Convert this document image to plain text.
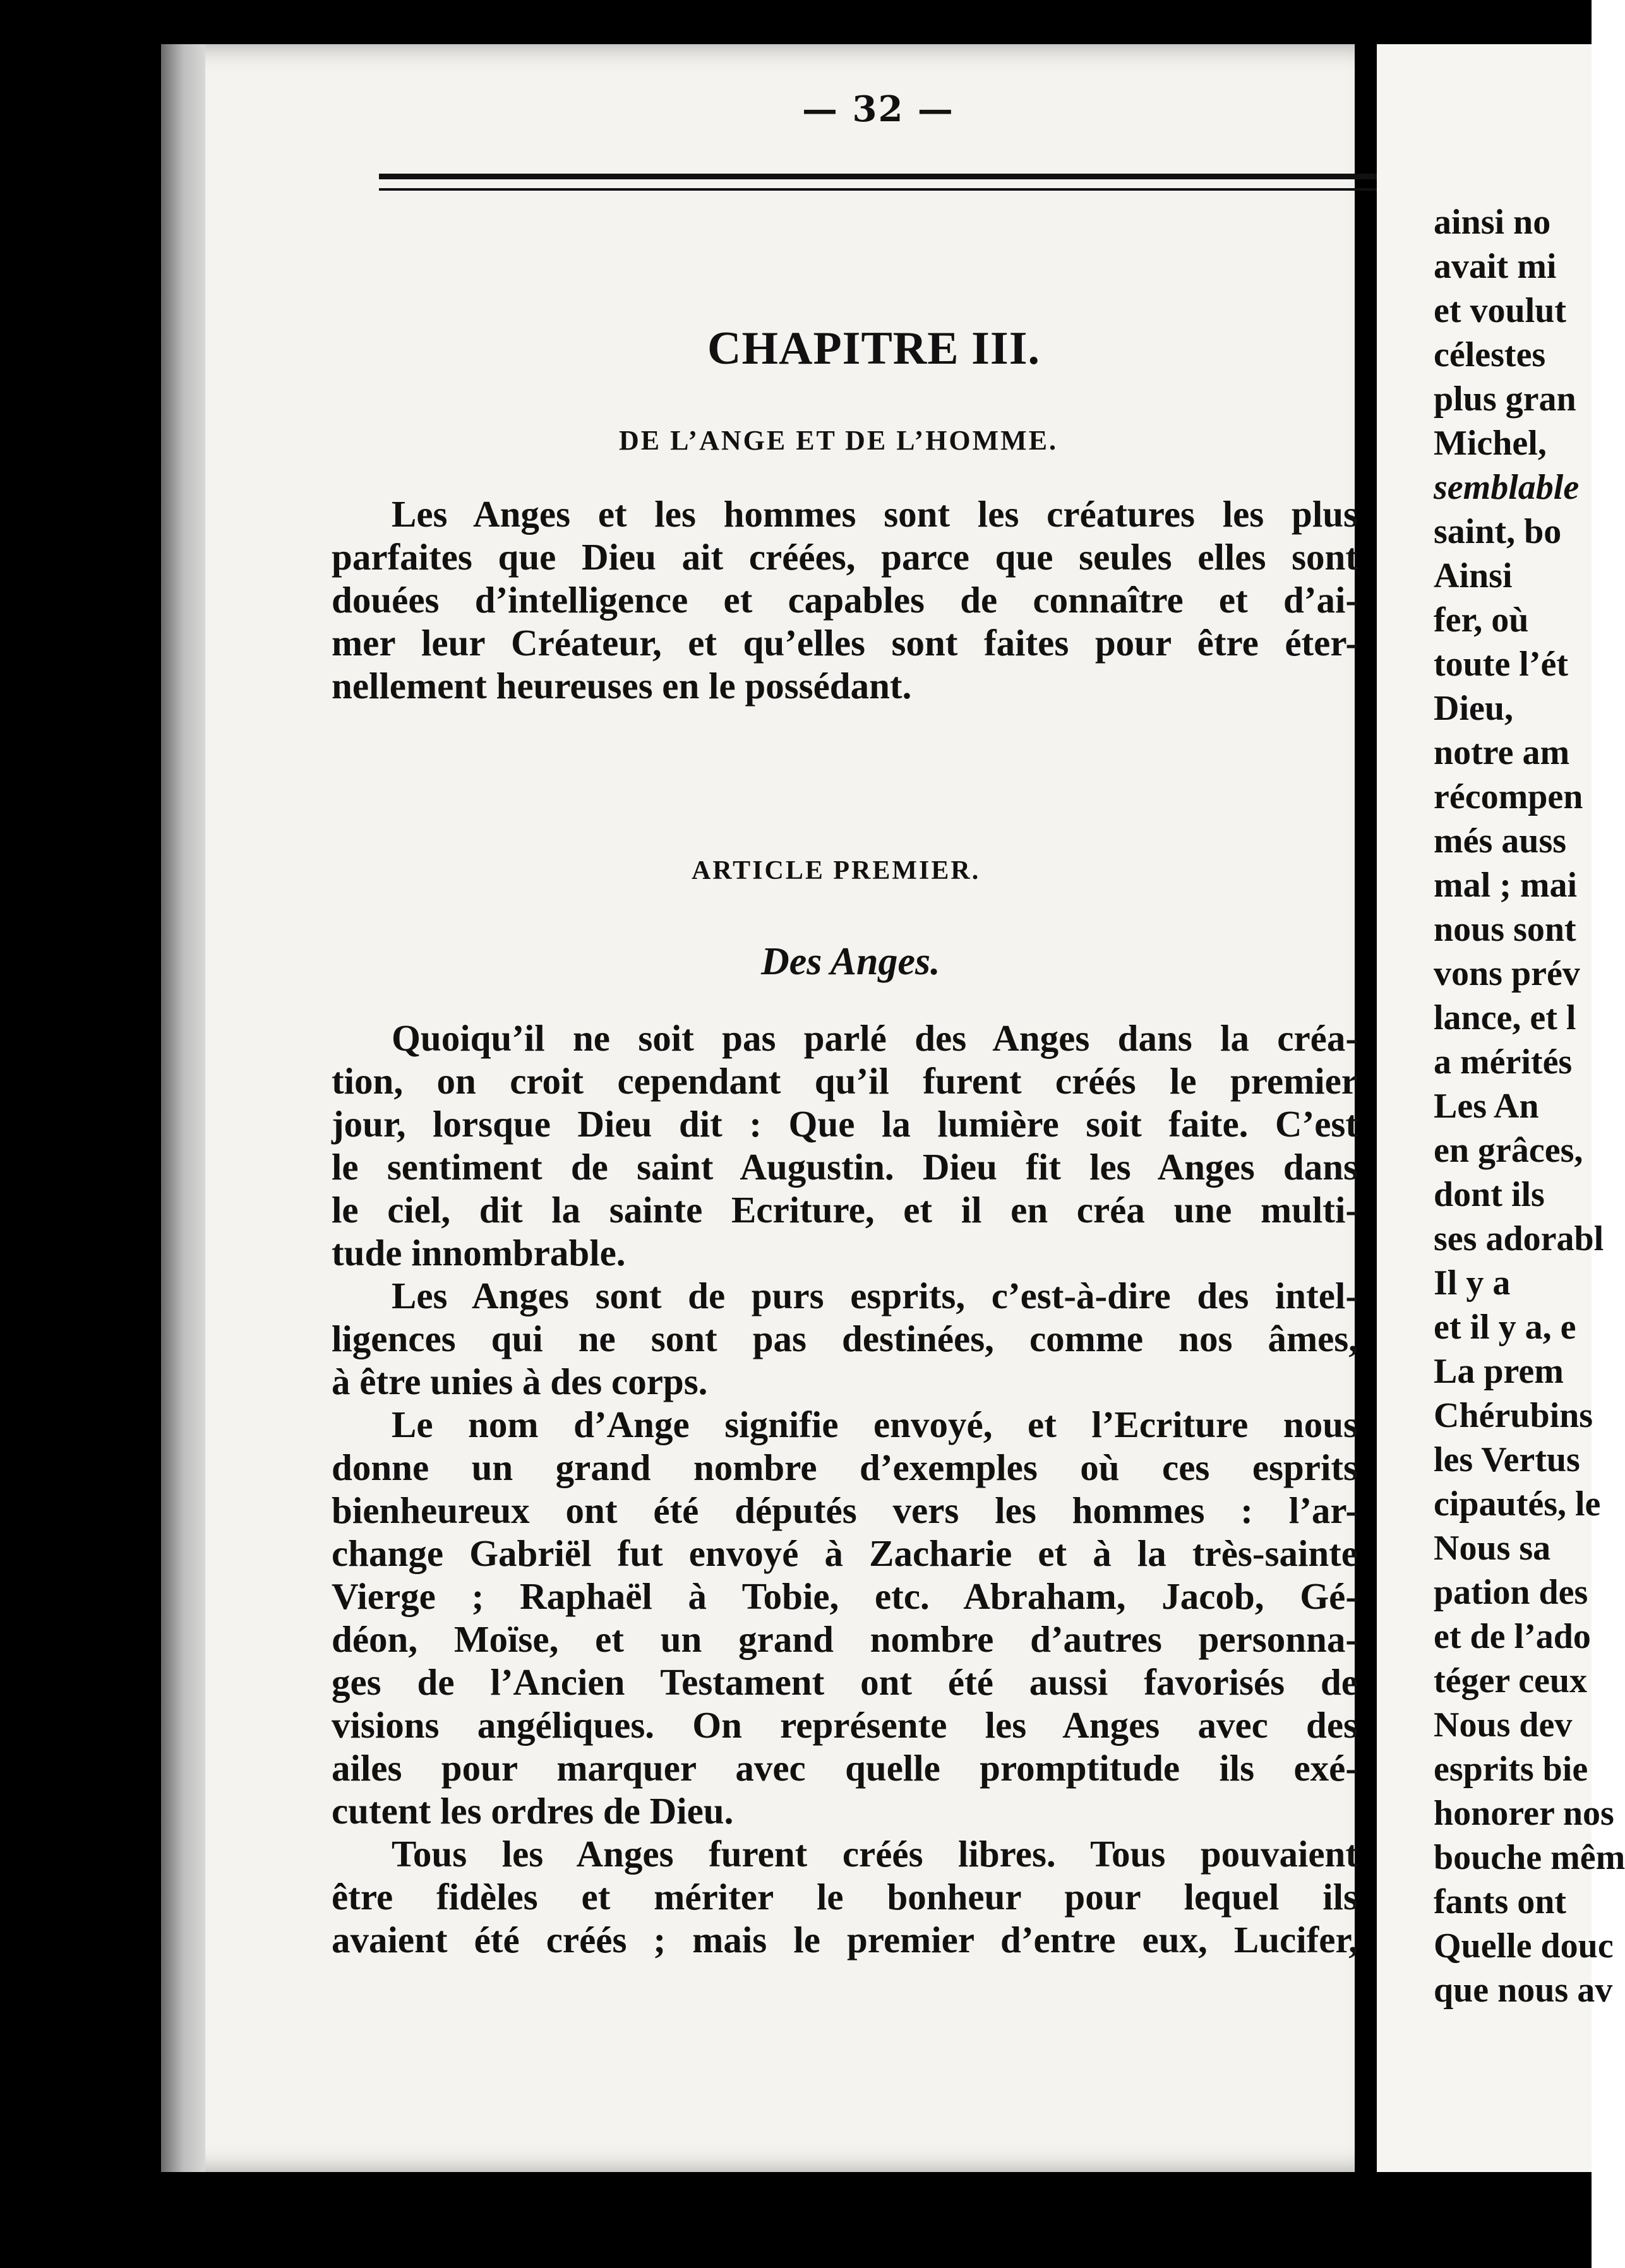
— 32 —
CHAPITRE III.
DE L’ANGE ET DE L’HOMME.
Les Anges et les hommes sont les créatures les plus
parfaites que Dieu ait créées, parce que seules elles sont
douées d’intelligence et capables de connaître et d’ai-
mer leur Créateur, et qu’elles sont faites pour être éter-
nellement heureuses en le possédant.
ARTICLE PREMIER.
Des Anges.
Quoiqu’il ne soit pas parlé des Anges dans la créa-
tion, on croit cependant qu’il furent créés le premier
jour, lorsque Dieu dit : Que la lumière soit faite. C’est
le sentiment de saint Augustin. Dieu fit les Anges dans
le ciel, dit la sainte Ecriture, et il en créa une multi-
tude innombrable.
Les Anges sont de purs esprits, c’est-à-dire des intel-
ligences qui ne sont pas destinées, comme nos âmes,
à être unies à des corps.
Le nom d’Ange signifie envoyé, et l’Ecriture nous
donne un grand nombre d’exemples où ces esprits
bienheureux ont été députés vers les hommes : l’ar-
change Gabriël fut envoyé à Zacharie et à la très-sainte
Vierge ; Raphaël à Tobie, etc. Abraham, Jacob, Gé-
déon, Moïse, et un grand nombre d’autres personna-
ges de l’Ancien Testament ont été aussi favorisés de
visions angéliques. On représente les Anges avec des
ailes pour marquer avec quelle promptitude ils exé-
cutent les ordres de Dieu.
Tous les Anges furent créés libres. Tous pouvaient
être fidèles et mériter le bonheur pour lequel ils
avaient été créés ; mais le premier d’entre eux, Lucifer,
ainsi no
avait mi
et voulut
célestes
plus gran
Michel,
semblable
saint, bo
Ainsi
fer, où
toute l’ét
Dieu,
notre am
récompen
més auss
mal ; mai
nous sont
vons prév
lance, et l
a mérités
Les An
en grâces,
dont ils
ses adorabl
Il y a
et il y a, e
La prem
Chérubins
les Vertus
cipautés, le
Nous sa
pation des
et de l’ado
téger ceux
Nous dev
esprits bie
honorer nos
bouche mêm
fants ont
Quelle douc
que nous av
